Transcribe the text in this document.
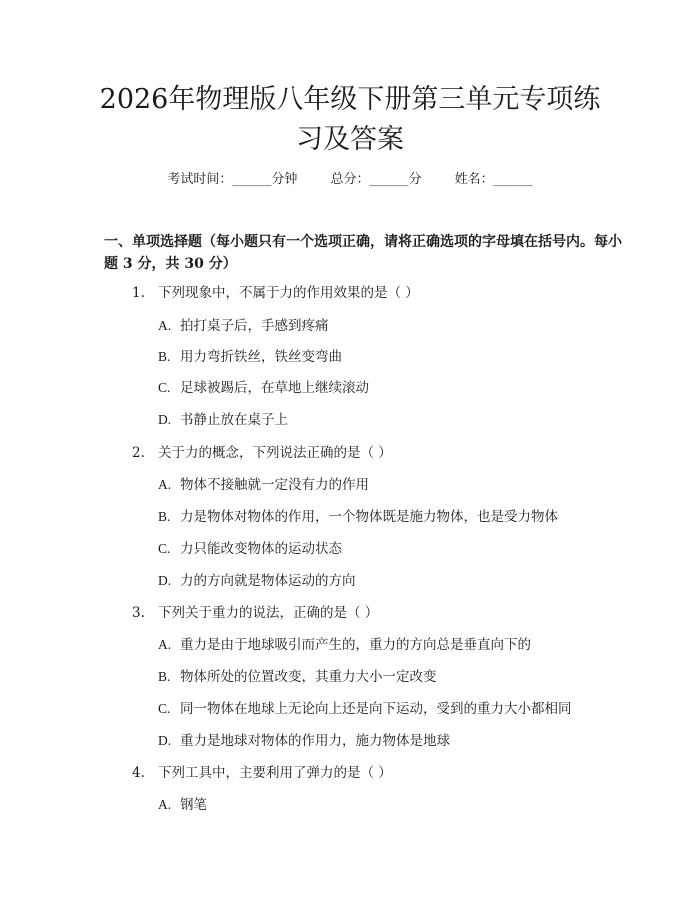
2026年物理版八年级下册第三单元专项练习及答案
考试时间：______分钟	总分：______分	姓名：______

一、单项选择题（每小题只有一个选项正确，请将正确选项的字母填在括号内。每小题 3 分，共 30 分）

1. 下列现象中，不属于力的作用效果的是（ ）
A. 拍打桌子后，手感到疼痛
B. 用力弯折铁丝，铁丝变弯曲
C. 足球被踢后，在草地上继续滚动
D. 书静止放在桌子上
2. 关于力的概念，下列说法正确的是（ ）
A. 物体不接触就一定没有力的作用
B. 力是物体对物体的作用，一个物体既是施力物体，也是受力物体
C. 力只能改变物体的运动状态
D. 力的方向就是物体运动的方向
3. 下列关于重力的说法，正确的是（ ）
A. 重力是由于地球吸引而产生的，重力的方向总是垂直向下的
B. 物体所处的位置改变，其重力大小一定改变
C. 同一物体在地球上无论向上还是向下运动，受到的重力大小都相同
D. 重力是地球对物体的作用力，施力物体是地球
4. 下列工具中，主要利用了弹力的是（ ）
A. 钢笔
